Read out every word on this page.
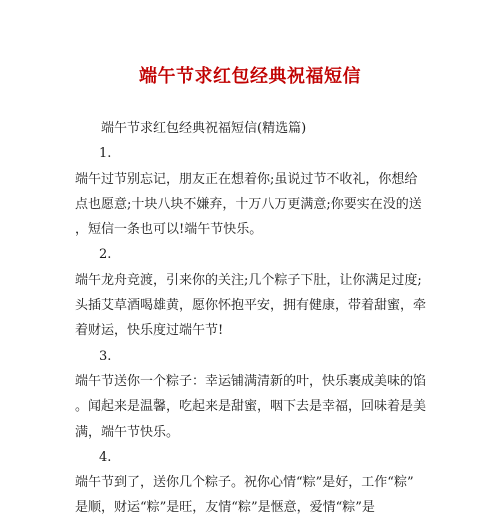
端午节求红包经典祝福短信

端午节求红包经典祝福短信(精选篇)

1.

端午过节别忘记，朋友正在想着你;虽说过节不收礼，你想给

点也愿意;十块八块不嫌弃，十万八万更满意;你要实在没的送

，短信一条也可以!端午节快乐。

2.

端午龙舟竞渡，引来你的关注;几个粽子下肚，让你满足过度;

头插艾草酒喝雄黄，愿你怀抱平安，拥有健康，带着甜蜜，牵

着财运，快乐度过端午节!

3.

端午节送你一个粽子：幸运铺满清新的叶，快乐裹成美味的馅

。闻起来是温馨，吃起来是甜蜜，咽下去是幸福，回味着是美

满，端午节快乐。

4.

端午节到了，送你几个粽子。祝你心情“粽”是好，工作“粽”

是顺，财运“粽”是旺，友情“粽”是惬意，爱情“粽”是
